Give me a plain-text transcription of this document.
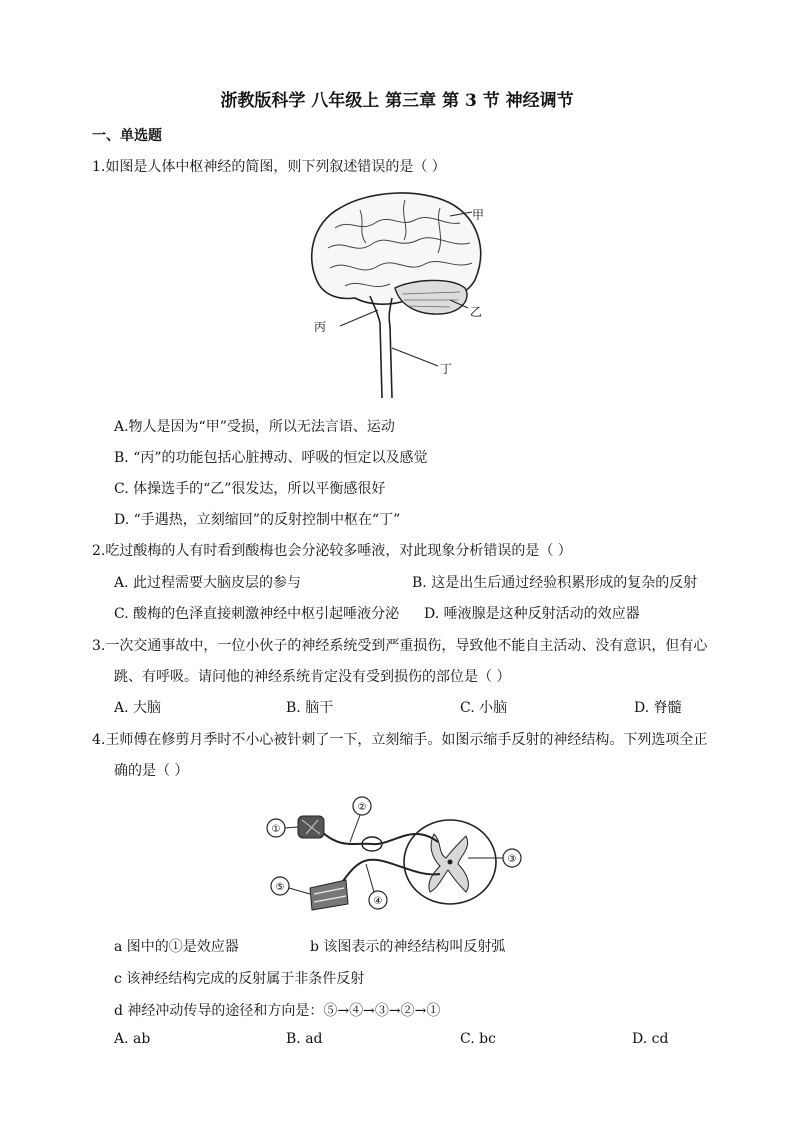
浙教版科学 八年级上 第三章 第 3 节 神经调节
一、单选题
1.如图是人体中枢神经的简图，则下列叙述错误的是（ ）
甲
乙
丙
丁
A.物人是因为“甲”受损，所以无法言语、运动
B. “丙”的功能包括心脏搏动、呼吸的恒定以及感觉
C. 体操选手的“乙”很发达，所以平衡感很好
D. “手遇热，立刻缩回”的反射控制中枢在“丁”
2.吃过酸梅的人有时看到酸梅也会分泌较多唾液，对此现象分析错误的是（ ）
A. 此过程需要大脑皮层的参与	B. 这是出生后通过经验积累形成的复杂的反射
C. 酸梅的色泽直接刺激神经中枢引起唾液分泌 D. 唾液腺是这种反射活动的效应器
3.一次交通事故中，一位小伙子的神经系统受到严重损伤，导致他不能自主活动、没有意识，但有心
跳、有呼吸。请问他的神经系统肯定没有受到损伤的部位是（ ）
A. 大脑	B. 脑干	C. 小脑	D. 脊髓
4.王师傅在修剪月季时不小心被针刺了一下，立刻缩手。如图示缩手反射的神经结构。下列选项全正
确的是（ ）
①
②
③
④
⑤
a 图中的①是效应器	b 该图表示的神经结构叫反射弧
c 该神经结构完成的反射属于非条件反射
d 神经冲动传导的途径和方向是：⑤→④→③→②→①
A. ab	B. ad	C. bc	D. cd
